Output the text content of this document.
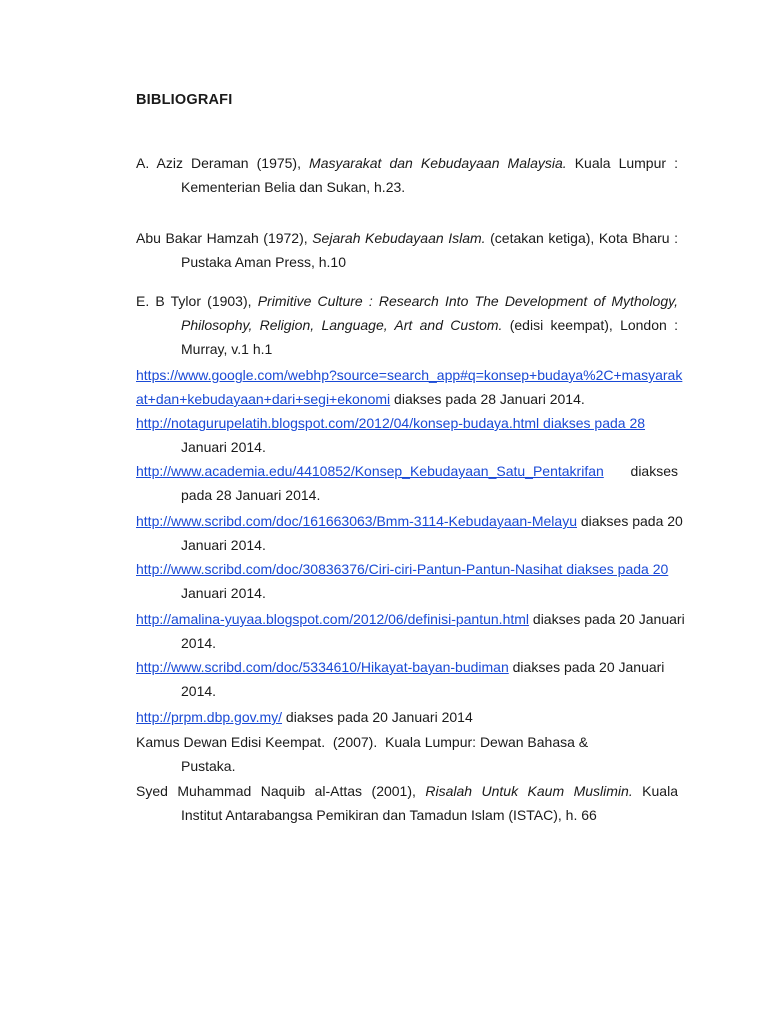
BIBLIOGRAFI
A. Aziz Deraman (1975), Masyarakat dan Kebudayaan Malaysia. Kuala Lumpur :
Kementerian Belia dan Sukan, h.23.
Abu Bakar Hamzah (1972), Sejarah Kebudayaan Islam. (cetakan ketiga), Kota Bharu :
Pustaka Aman Press, h.10
E. B Tylor (1903), Primitive Culture : Research Into The Development of Mythology,
Philosophy, Religion, Language, Art and Custom. (edisi keempat), London :
Murray, v.1 h.1
https://www.google.com/webhp?source=search_app#q=konsep+budaya%2C+masyarak
at+dan+kebudayaan+dari+segi+ekonomi diakses pada 28 Januari 2014.
http://notagurupelatih.blogspot.com/2012/04/konsep-budaya.html diakses pada 28
Januari 2014.
http://www.academia.edu/4410852/Konsep_Kebudayaan_Satu_Pentakrifan diakses
pada 28 Januari 2014.
http://www.scribd.com/doc/161663063/Bmm-3114-Kebudayaan-Melayu diakses pada 20
Januari 2014.
http://www.scribd.com/doc/30836376/Ciri-ciri-Pantun-Pantun-Nasihat diakses pada 20
Januari 2014.
http://amalina-yuyaa.blogspot.com/2012/06/definisi-pantun.html diakses pada 20 Januari
2014.
http://www.scribd.com/doc/5334610/Hikayat-bayan-budiman diakses pada 20 Januari
2014.
http://prpm.dbp.gov.my/ diakses pada 20 Januari 2014
Kamus Dewan Edisi Keempat.  (2007).  Kuala Lumpur: Dewan Bahasa &
Pustaka.
Syed Muhammad Naquib al-Attas (2001), Risalah Untuk Kaum Muslimin. Kuala
Institut Antarabangsa Pemikiran dan Tamadun Islam (ISTAC), h. 66
